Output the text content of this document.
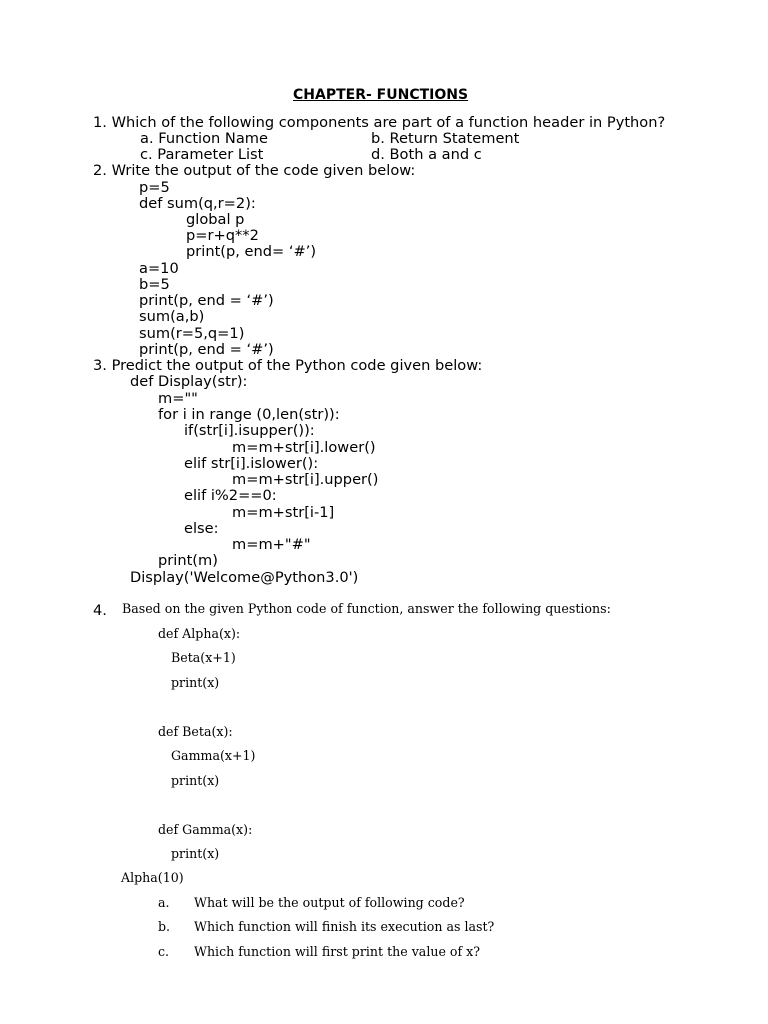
CHAPTER- FUNCTIONS
1. Which of the following components are part of a function header in Python?
a. Function Name	b. Return Statement
c. Parameter List	d. Both a and c
2. Write the output of the code given below:
p=5
def sum(q,r=2):
global p
p=r+q**2
print(p, end= ‘#’)
a=10
b=5
print(p, end = ‘#’)
sum(a,b)
sum(r=5,q=1)
print(p, end = ‘#’)
3. Predict the output of the Python code given below:
def Display(str):
m=""
for i in range (0,len(str)):
if(str[i].isupper()):
m=m+str[i].lower()
elif str[i].islower():
m=m+str[i].upper()
elif i%2==0:
m=m+str[i-1]
else:
m=m+"#"
print(m)
Display('Welcome@Python3.0')
4. Based on the given Python code of function, answer the following questions:
def Alpha(x):
Beta(x+1)
print(x)
def Beta(x):
Gamma(x+1)
print(x)
def Gamma(x):
print(x)
Alpha(10)
a. What will be the output of following code?
b. Which function will finish its execution as last?
c. Which function will first print the value of x?
